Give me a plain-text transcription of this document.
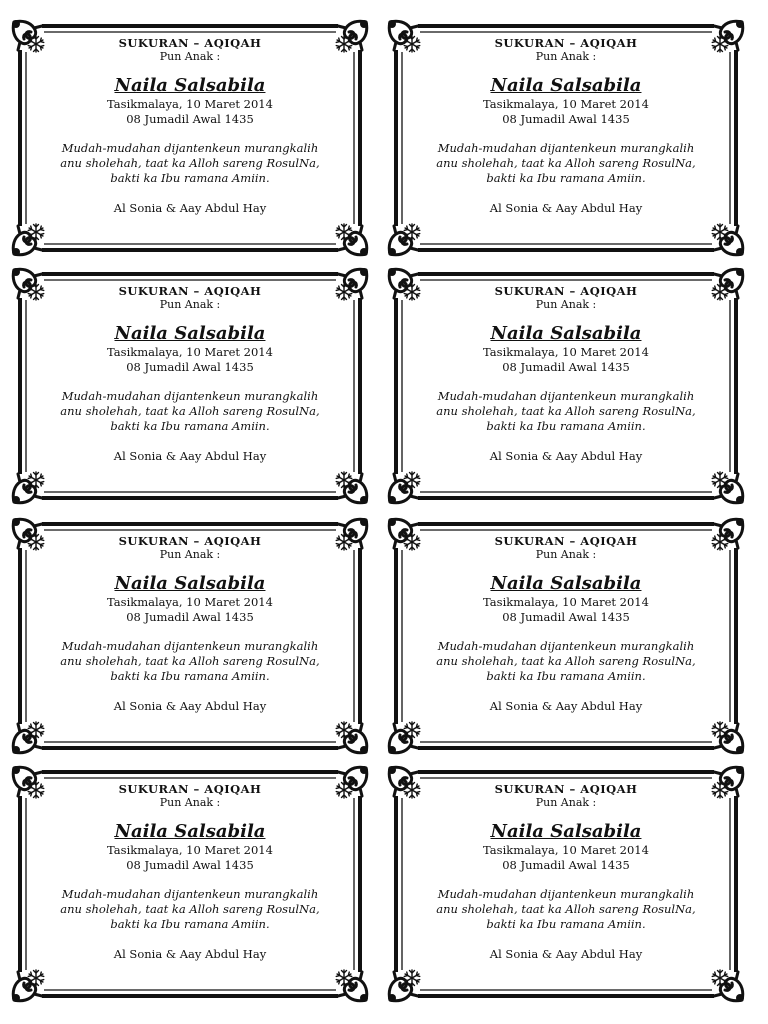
SUKURAN – AQIQAH
Pun Anak :
Naila Salsabila
Tasikmalaya, 10 Maret 2014
08 Jumadil Awal 1435
Mudah-mudahan dijantenkeun murangkalih
anu sholehah, taat ka Alloh sareng RosulNa,
bakti ka Ibu ramana Amiin.
Al Sonia & Aay Abdul Hay
SUKURAN – AQIQAH
Pun Anak :
Naila Salsabila
Tasikmalaya, 10 Maret 2014
08 Jumadil Awal 1435
Mudah-mudahan dijantenkeun murangkalih
anu sholehah, taat ka Alloh sareng RosulNa,
bakti ka Ibu ramana Amiin.
Al Sonia & Aay Abdul Hay
SUKURAN – AQIQAH
Pun Anak :
Naila Salsabila
Tasikmalaya, 10 Maret 2014
08 Jumadil Awal 1435
Mudah-mudahan dijantenkeun murangkalih
anu sholehah, taat ka Alloh sareng RosulNa,
bakti ka Ibu ramana Amiin.
Al Sonia & Aay Abdul Hay
SUKURAN – AQIQAH
Pun Anak :
Naila Salsabila
Tasikmalaya, 10 Maret 2014
08 Jumadil Awal 1435
Mudah-mudahan dijantenkeun murangkalih
anu sholehah, taat ka Alloh sareng RosulNa,
bakti ka Ibu ramana Amiin.
Al Sonia & Aay Abdul Hay
SUKURAN – AQIQAH
Pun Anak :
Naila Salsabila
Tasikmalaya, 10 Maret 2014
08 Jumadil Awal 1435
Mudah-mudahan dijantenkeun murangkalih
anu sholehah, taat ka Alloh sareng RosulNa,
bakti ka Ibu ramana Amiin.
Al Sonia & Aay Abdul Hay
SUKURAN – AQIQAH
Pun Anak :
Naila Salsabila
Tasikmalaya, 10 Maret 2014
08 Jumadil Awal 1435
Mudah-mudahan dijantenkeun murangkalih
anu sholehah, taat ka Alloh sareng RosulNa,
bakti ka Ibu ramana Amiin.
Al Sonia & Aay Abdul Hay
SUKURAN – AQIQAH
Pun Anak :
Naila Salsabila
Tasikmalaya, 10 Maret 2014
08 Jumadil Awal 1435
Mudah-mudahan dijantenkeun murangkalih
anu sholehah, taat ka Alloh sareng RosulNa,
bakti ka Ibu ramana Amiin.
Al Sonia & Aay Abdul Hay
SUKURAN – AQIQAH
Pun Anak :
Naila Salsabila
Tasikmalaya, 10 Maret 2014
08 Jumadil Awal 1435
Mudah-mudahan dijantenkeun murangkalih
anu sholehah, taat ka Alloh sareng RosulNa,
bakti ka Ibu ramana Amiin.
Al Sonia & Aay Abdul Hay
